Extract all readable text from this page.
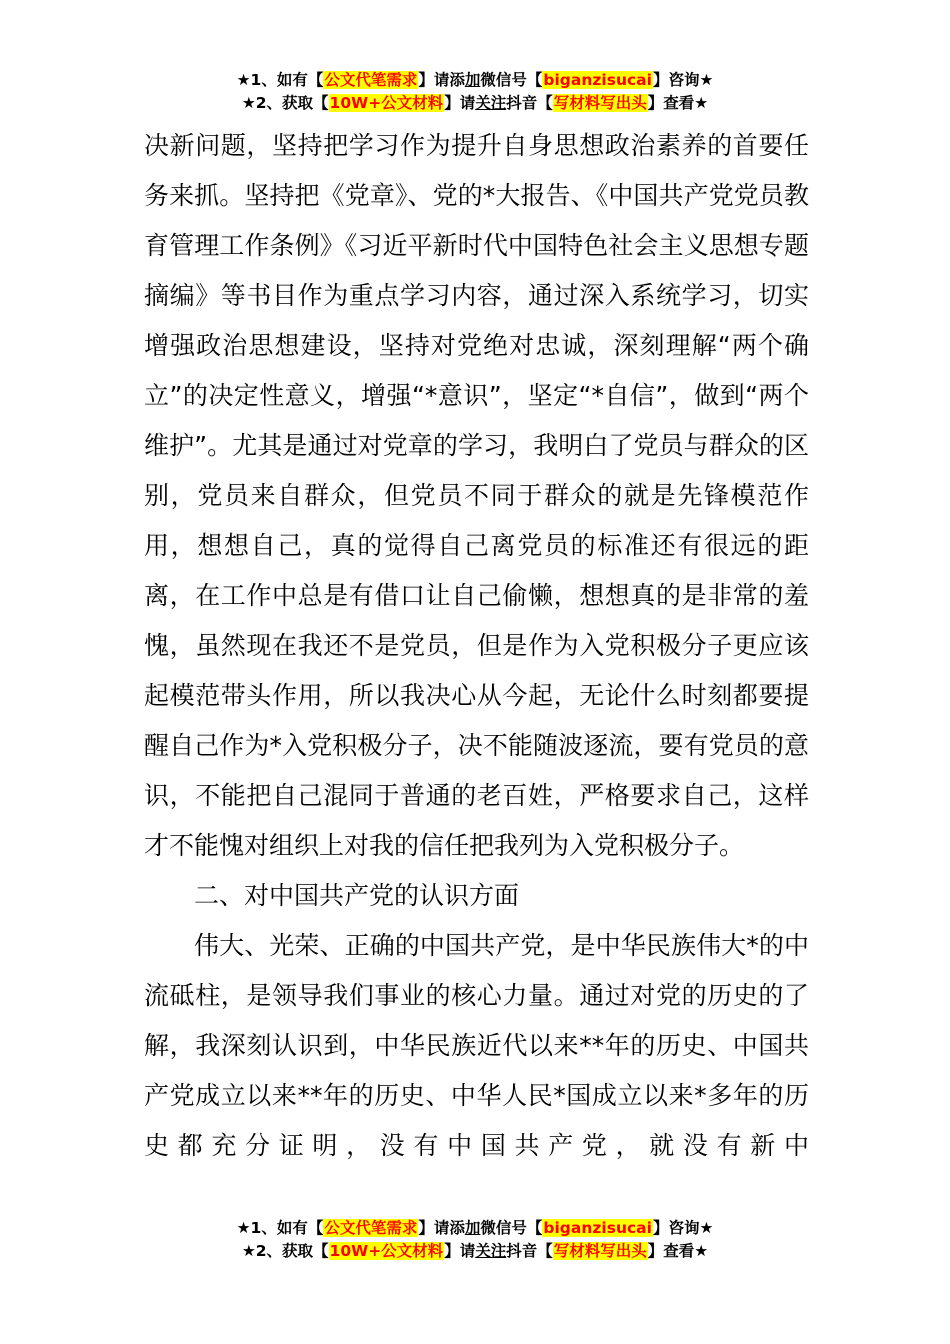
★1、如有【公文代笔需求】请添加微信号【biganzisucai】咨询★
★2、获取【10W+公文材料】请关注抖音【写材料写出头】查看★

决新问题，坚持把学习作为提升自身思想政治素养的首要任务来抓。坚持把《党章》、党的*大报告、《中国共产党党员教育管理工作条例》《习近平新时代中国特色社会主义思想专题摘编》等书目作为重点学习内容，通过深入系统学习，切实增强政治思想建设，坚持对党绝对忠诚，深刻理解“两个确立”的决定性意义，增强“*意识”，坚定“*自信”，做到“两个维护”。尤其是通过对党章的学习，我明白了党员与群众的区别，党员来自群众，但党员不同于群众的就是先锋模范作用，想想自己，真的觉得自己离党员的标准还有很远的距离，在工作中总是有借口让自己偷懒，想想真的是非常的羞愧，虽然现在我还不是党员，但是作为入党积极分子更应该起模范带头作用，所以我决心从今起，无论什么时刻都要提醒自己作为*入党积极分子，决不能随波逐流，要有党员的意识，不能把自己混同于普通的老百姓，严格要求自己，这样才不能愧对组织上对我的信任把我列为入党积极分子。

二、对中国共产党的认识方面

伟大、光荣、正确的中国共产党，是中华民族伟大*的中流砥柱，是领导我们事业的核心力量。通过对党的历史的了解，我深刻认识到，中华民族近代以来**年的历史、中国共产党成立以来**年的历史、中华人民*国成立以来*多年的历史都充分证明，没有中国共产党，就没有新中

★1、如有【公文代笔需求】请添加微信号【biganzisucai】咨询★
★2、获取【10W+公文材料】请关注抖音【写材料写出头】查看★
